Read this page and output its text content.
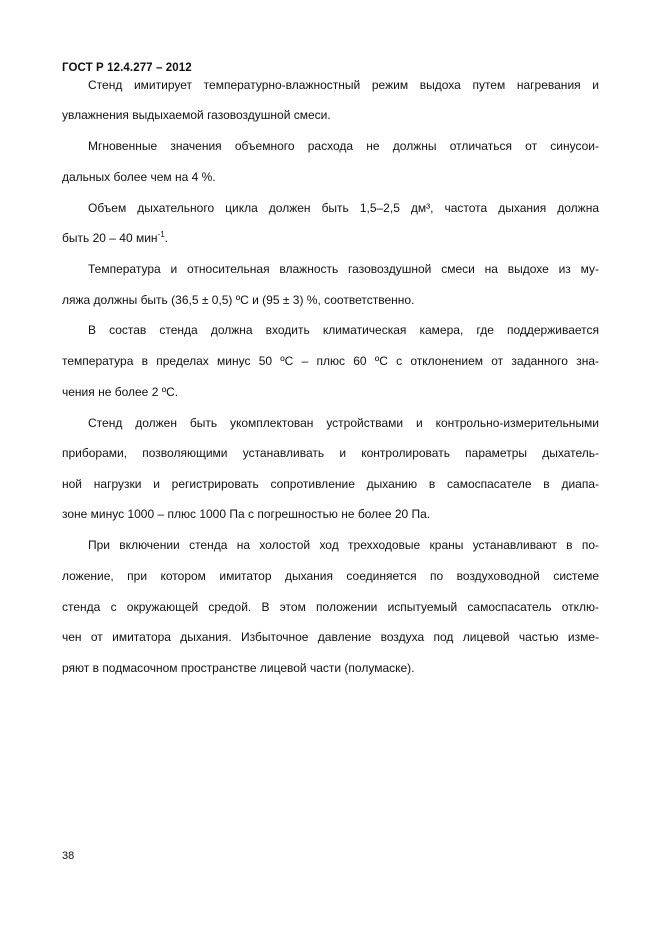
ГОСТ Р 12.4.277 – 2012
Стенд имитирует температурно-влажностный режим выдоха путем нагревания и
увлажнения выдыхаемой газовоздушной смеси.
Мгновенные значения объемного расхода не должны отличаться от синусои-
дальных более чем на 4 %.
Объем дыхательного цикла должен быть 1,5–2,5 дм³, частота дыхания должна
быть 20 – 40 мин$^{-1}$.
Температура и относительная влажность газовоздушной смеси на выдохе из му-
ляжа должны быть (36,5 ± 0,5) ºС и (95 ± 3) %, соответственно.
В состав стенда должна входить климатическая камера, где поддерживается
температура в пределах минус 50 ºС – плюс 60 ºС с отклонением от заданного зна-
чения не более 2 ºС.
Стенд должен быть укомплектован устройствами и контрольно-измерительными
приборами, позволяющими устанавливать и контролировать параметры дыхатель-
ной нагрузки и регистрировать сопротивление дыханию в самоспасателе в диапа-
зоне минус 1000 – плюс 1000 Па с погрешностью не более 20 Па.
При включении стенда на холостой ход трехходовые краны устанавливают в по-
ложение, при котором имитатор дыхания соединяется по воздуховодной системе
стенда с окружающей средой. В этом положении испытуемый самоспасатель отклю-
чен от имитатора дыхания. Избыточное давление воздуха под лицевой частью изме-
ряют в подмасочном пространстве лицевой части (полумаске).
38
